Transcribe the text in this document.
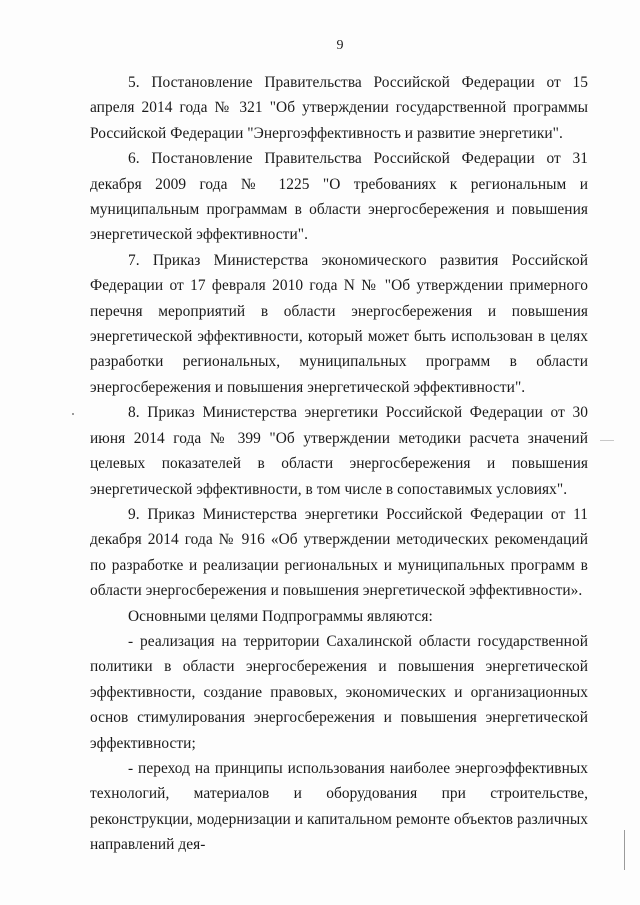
9

5. Постановление Правительства Российской Федерации от 15 апреля 2014 года № 321 "Об утверждении государственной программы Российской Федерации "Энергоэффективность и развитие энергетики".

6. Постановление Правительства Российской Федерации от 31 декабря 2009 года № 1225 "О требованиях к региональным и муниципальным программам в области энергосбережения и повышения энергетической эффективности".

7. Приказ Министерства экономического развития Российской Федерации от 17 февраля 2010 года N № "Об утверждении примерного перечня мероприятий в области энергосбережения и повышения энергетической эффективности, который может быть использован в целях разработки региональных, муниципальных программ в области энергосбережения и повышения энергетической эффективности".

8. Приказ Министерства энергетики Российской Федерации от 30 июня 2014 года № 399 "Об утверждении методики расчета значений целевых показателей в области энергосбережения и повышения энергетической эффективности, в том числе в сопоставимых условиях".

9. Приказ Министерства энергетики Российской Федерации от 11 декабря 2014 года № 916 «Об утверждении методических рекомендаций по разработке и реализации региональных и муниципальных программ в области энергосбережения и повышения энергетической эффективности».

Основными целями Подпрограммы являются:

- реализация на территории Сахалинской области государственной политики в области энергосбережения и повышения энергетической эффективности, создание правовых, экономических и организационных основ стимулирования энергосбережения и повышения энергетической эффективности;

- переход на принципы использования наиболее энергоэффективных технологий, материалов и оборудования при строительстве, реконструкции, модернизации и капитальном ремонте объектов различных направлений дея-
